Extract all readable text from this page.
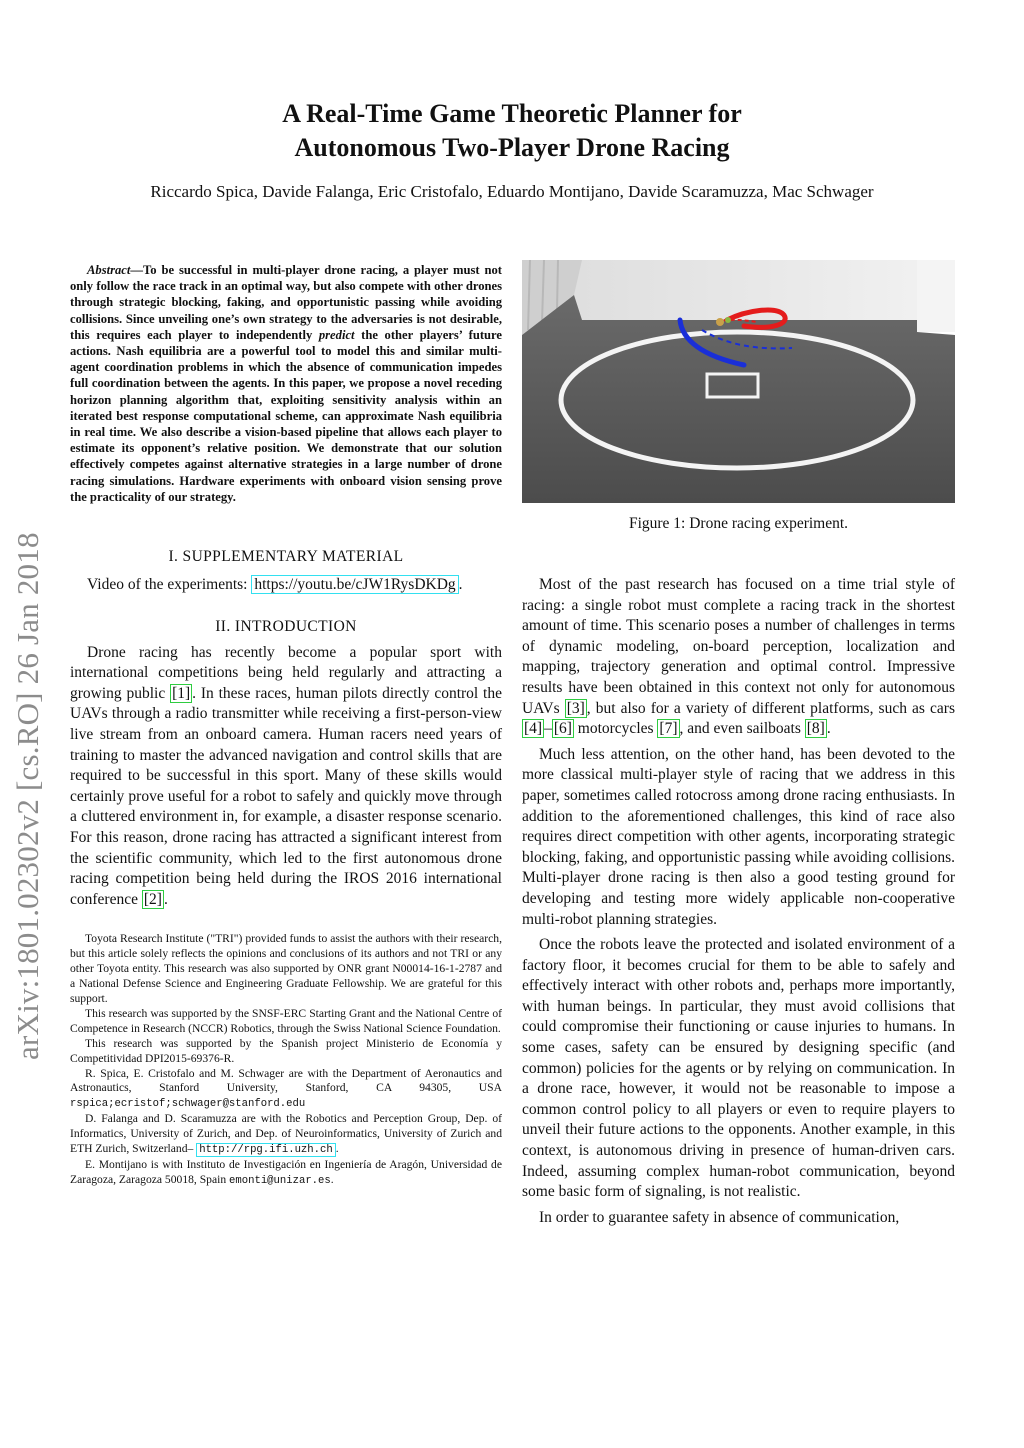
arXiv:1801.02302v2 [cs.RO] 26 Jan 2018
A Real-Time Game Theoretic Planner for
Autonomous Two-Player Drone Racing
Riccardo Spica, Davide Falanga, Eric Cristofalo, Eduardo Montijano, Davide Scaramuzza, Mac Schwager

Abstract—To be successful in multi-player drone racing, a player must not only follow the race track in an optimal way, but also compete with other drones through strategic blocking, faking, and opportunistic passing while avoiding collisions. Since unveiling one’s own strategy to the adversaries is not desirable, this requires each player to independently predict the other players’ future actions. Nash equilibria are a powerful tool to model this and similar multi-agent coordination problems in which the absence of communication impedes full coordination between the agents. In this paper, we propose a novel receding horizon planning algorithm that, exploiting sensitivity analysis within an iterated best response computational scheme, can approximate Nash equilibria in real time. We also describe a vision-based pipeline that allows each player to estimate its opponent’s relative position. We demonstrate that our solution effectively competes against alternative strategies in a large number of drone racing simulations. Hardware experiments with onboard vision sensing prove the practicality of our strategy.

I. SUPPLEMENTARY MATERIAL

Video of the experiments: https://youtu.be/cJW1RysDKDg .

II. INTRODUCTION

Drone racing has recently become a popular sport with international competitions being held regularly and attracting a growing public [1] . In these races, human pilots directly control the UAVs through a radio transmitter while receiving a first-person-view live stream from an onboard camera. Human racers need years of training to master the advanced navigation and control skills that are required to be successful in this sport. Many of these skills would certainly prove useful for a robot to safely and quickly move through a cluttered environment in, for example, a disaster response scenario. For this reason, drone racing has attracted a significant interest from the scientific community, which led to the first autonomous drone racing competition being held during the IROS 2016 international conference [2] .

Toyota Research Institute ("TRI") provided funds to assist the authors with their research, but this article solely reflects the opinions and conclusions of its authors and not TRI or any other Toyota entity. This research was also supported by ONR grant N00014-16-1-2787 and a National Defense Science and Engineering Graduate Fellowship. We are grateful for this support.

This research was supported by the SNSF-ERC Starting Grant and the National Centre of Competence in Research (NCCR) Robotics, through the Swiss National Science Foundation.

This research was supported by the Spanish project Ministerio de Economía y Competitividad DPI2015-69376-R.

R. Spica, E. Cristofalo and M. Schwager are with the Department of Aeronautics and Astronautics, Stanford University, Stanford, CA 94305, USA rspica;ecristof;schwager@stanford.edu

D. Falanga and D. Scaramuzza are with the Robotics and Perception Group, Dep. of Informatics, University of Zurich, and Dep. of Neuroinformatics, University of Zurich and ETH Zurich, Switzerland– http://rpg.ifi.uzh.ch .

E. Montijano is with Instituto de Investigación en Ingeniería de Aragón, Universidad de Zaragoza, Zaragoza 50018, Spain emonti@unizar.es.

Figure 1: Drone racing experiment.

Most of the past research has focused on a time trial style of racing: a single robot must complete a racing track in the shortest amount of time. This scenario poses a number of challenges in terms of dynamic modeling, on-board perception, localization and mapping, trajectory generation and optimal control. Impressive results have been obtained in this context not only for autonomous UAVs [3] , but also for a variety of different platforms, such as cars [4] – [6] motorcycles [7] , and even sailboats [8] .

Much less attention, on the other hand, has been devoted to the more classical multi-player style of racing that we address in this paper, sometimes called rotocross among drone racing enthusiasts. In addition to the aforementioned challenges, this kind of race also requires direct competition with other agents, incorporating strategic blocking, faking, and opportunistic passing while avoiding collisions. Multi-player drone racing is then also a good testing ground for developing and testing more widely applicable non-cooperative multi-robot planning strategies.

Once the robots leave the protected and isolated environment of a factory floor, it becomes crucial for them to be able to safely and effectively interact with other robots and, perhaps more importantly, with human beings. In particular, they must avoid collisions that could compromise their functioning or cause injuries to humans. In some cases, safety can be ensured by designing specific (and common) policies for the agents or by relying on communication. In a drone race, however, it would not be reasonable to impose a common control policy to all players or even to require players to unveil their future actions to the opponents. Another example, in this context, is autonomous driving in presence of human-driven cars. Indeed, assuming complex human-robot communication, beyond some basic form of signaling, is not realistic.

In order to guarantee safety in absence of communication,
